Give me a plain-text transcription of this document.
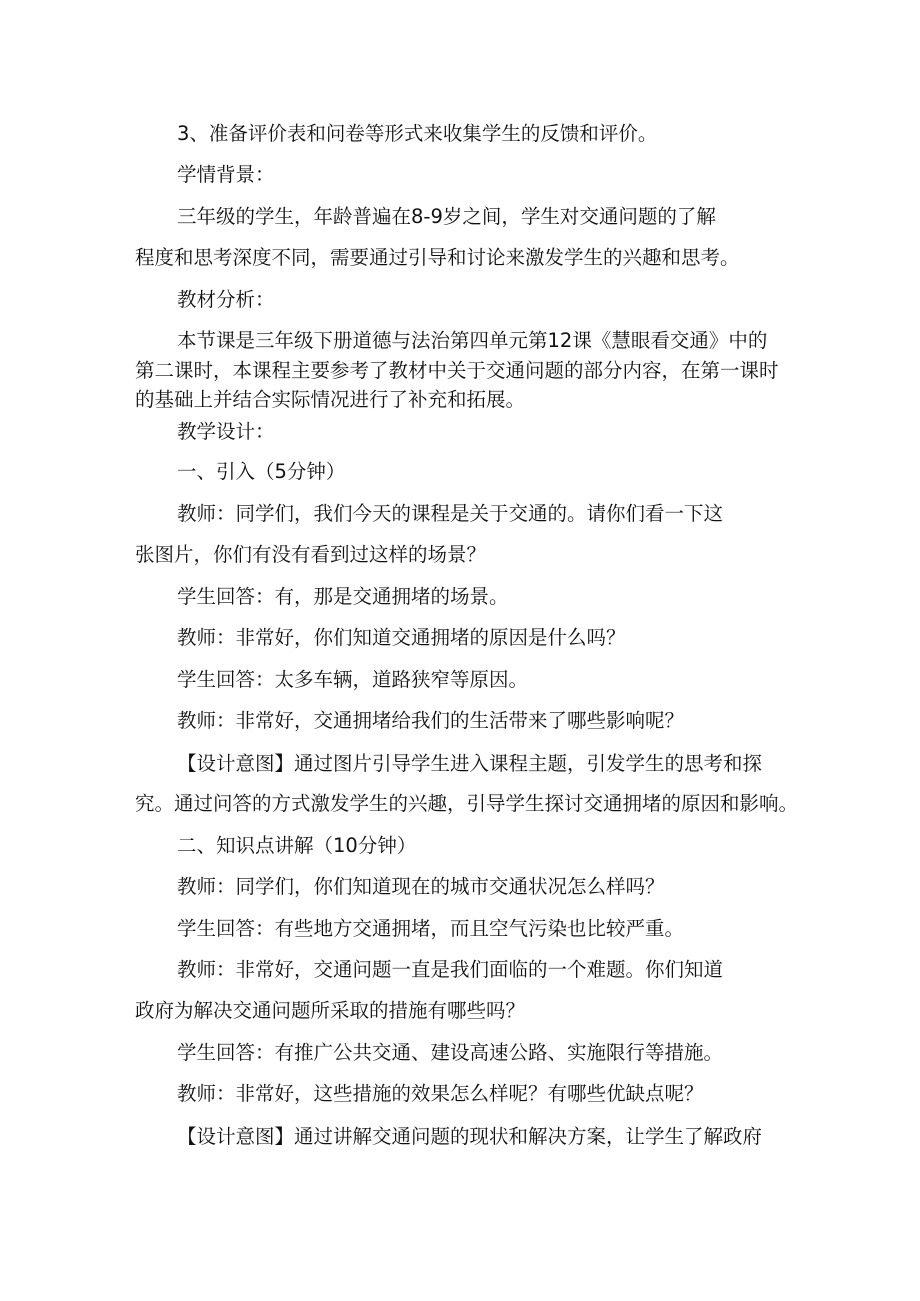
3、准备评价表和问卷等形式来收集学生的反馈和评价。

学情背景：

三年级的学生，年龄普遍在8-9岁之间，学生对交通问题的了解

程度和思考深度不同，需要通过引导和讨论来激发学生的兴趣和思考。

教材分析：

本节课是三年级下册道德与法治第四单元第12课《慧眼看交通》中的

第二课时，本课程主要参考了教材中关于交通问题的部分内容，在第一课时

的基础上并结合实际情况进行了补充和拓展。

教学设计：

一、引入（5分钟）

教师：同学们，我们今天的课程是关于交通的。请你们看一下这

张图片，你们有没有看到过这样的场景？

学生回答：有，那是交通拥堵的场景。

教师：非常好，你们知道交通拥堵的原因是什么吗？

学生回答：太多车辆，道路狭窄等原因。

教师：非常好，交通拥堵给我们的生活带来了哪些影响呢？

【设计意图】通过图片引导学生进入课程主题，引发学生的思考和探

究。通过问答的方式激发学生的兴趣，引导学生探讨交通拥堵的原因和影响。

二、知识点讲解（10分钟）

教师：同学们，你们知道现在的城市交通状况怎么样吗？

学生回答：有些地方交通拥堵，而且空气污染也比较严重。

教师：非常好，交通问题一直是我们面临的一个难题。你们知道

政府为解决交通问题所采取的措施有哪些吗？

学生回答：有推广公共交通、建设高速公路、实施限行等措施。

教师：非常好，这些措施的效果怎么样呢？有哪些优缺点呢？

【设计意图】通过讲解交通问题的现状和解决方案，让学生了解政府
